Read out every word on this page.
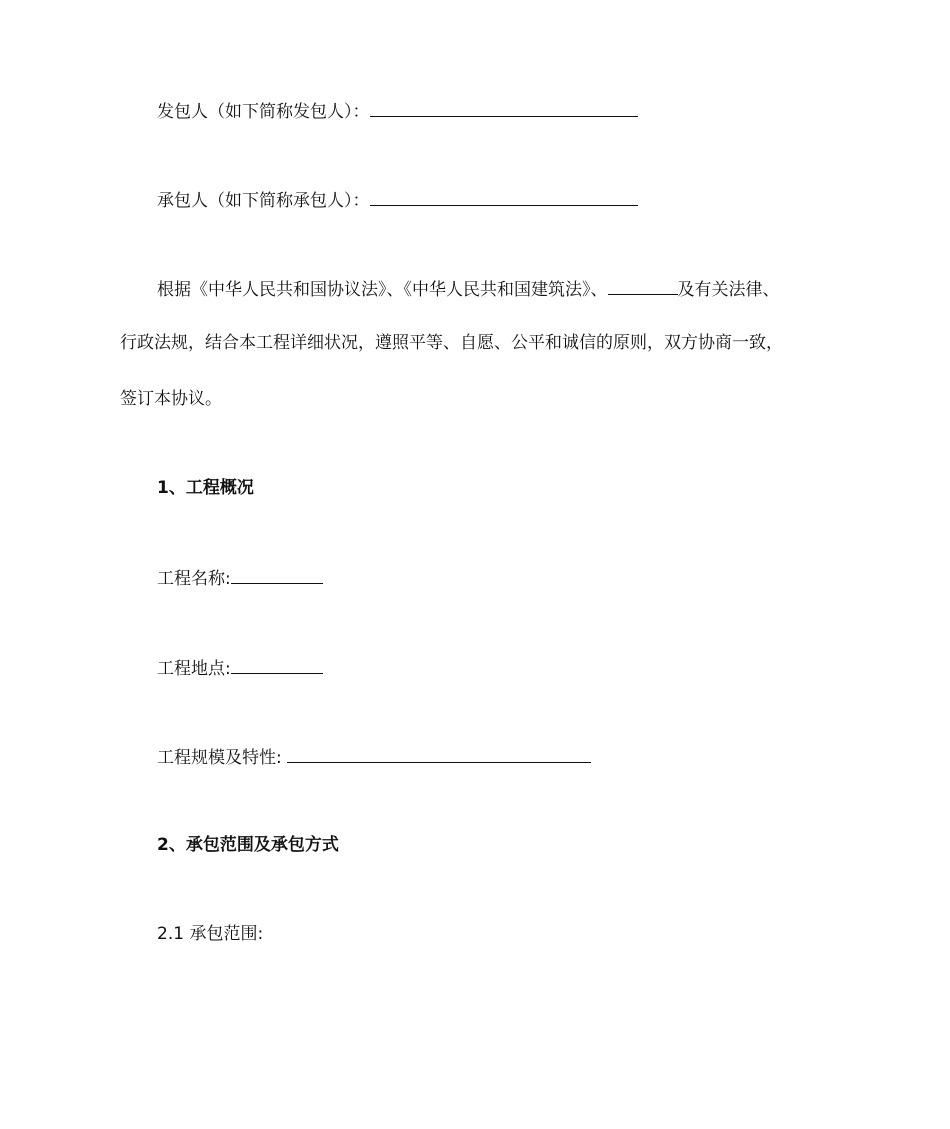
发包人（如下简称发包人）：
承包人（如下简称承包人）：
根据《中华人民共和国协议法》、《中华人民共和国建筑法》、	及有关法律、
行政法规，结合本工程详细状况，遵照平等、自愿、公平和诚信的原则，双方协商一致，
签订本协议。
1、工程概况
工程名称:
工程地点:
工程规模及特性:
2、承包范围及承包方式
2.1 承包范围:
